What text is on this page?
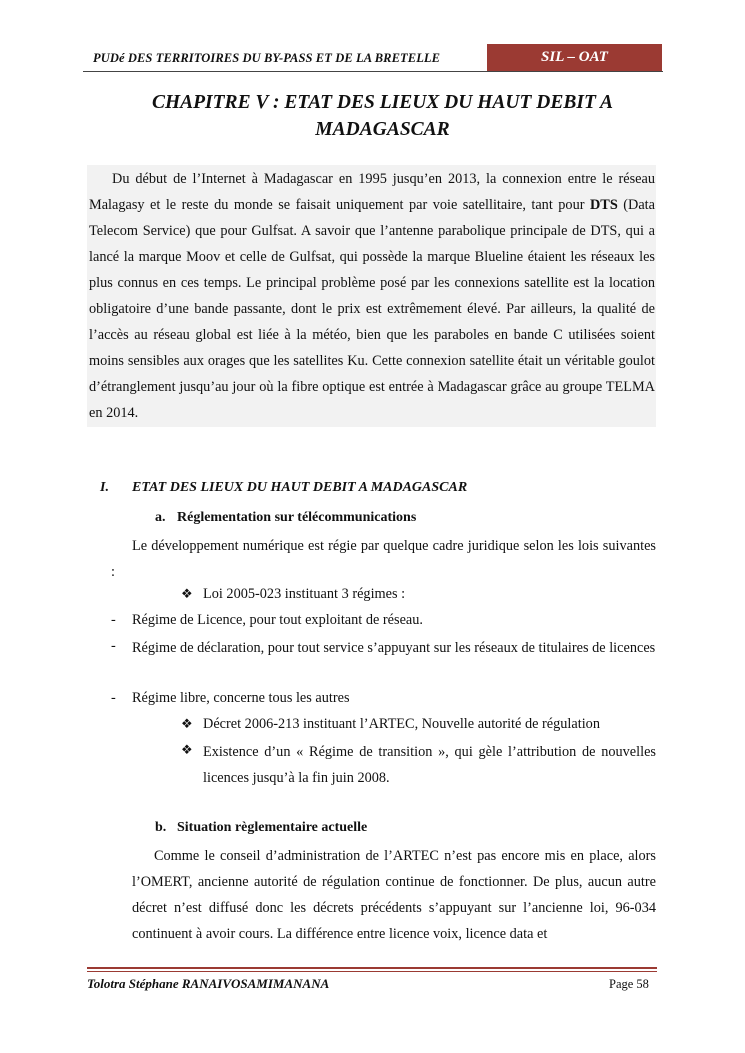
PUDé DES TERRITOIRES DU BY-PASS ET DE LA BRETELLE	SIL – OAT
CHAPITRE V : ETAT DES LIEUX DU HAUT DEBIT A
MADAGASCAR
Du début de l’Internet à Madagascar en 1995 jusqu’en 2013, la connexion entre le réseau Malagasy et le reste du monde se faisait uniquement par voie satellitaire, tant pour DTS (Data Telecom Service) que pour Gulfsat. A savoir que l’antenne parabolique principale de DTS, qui a lancé la marque Moov et celle de Gulfsat, qui possède la marque Blueline étaient les réseaux les plus connus en ces temps. Le principal problème posé par les connexions satellite est la location obligatoire d’une bande passante, dont le prix est extrêmement élevé. Par ailleurs, la qualité de l’accès au réseau global est liée à la météo, bien que les paraboles en bande C utilisées soient moins sensibles aux orages que les satellites Ku. Cette connexion satellite était un véritable goulot d’étranglement jusqu’au jour où la fibre optique est entrée à Madagascar grâce au groupe TELMA en 2014.
I. ETAT DES LIEUX DU HAUT DEBIT A MADAGASCAR
a. Réglementation sur télécommunications
Le développement numérique est régie par quelque cadre juridique selon les lois suivantes :
❖ Loi 2005-023 instituant 3 régimes :
- Régime de Licence, pour tout exploitant de réseau.
- Régime de déclaration, pour tout service s’appuyant sur les réseaux de titulaires de licences
- Régime libre, concerne tous les autres
❖ Décret 2006-213 instituant l’ARTEC, Nouvelle autorité de régulation
❖ Existence d’un « Régime de transition », qui gèle l’attribution de nouvelles licences jusqu’à la fin juin 2008.
b. Situation règlementaire actuelle
Comme le conseil d’administration de l’ARTEC n’est pas encore mis en place, alors l’OMERT, ancienne autorité de régulation continue de fonctionner. De plus, aucun autre décret n’est diffusé donc les décrets précédents s’appuyant sur l’ancienne loi, 96-034 continuent à avoir cours. La différence entre licence voix, licence data et
Tolotra Stéphane RANAIVOSAMIMANANA	Page 58
